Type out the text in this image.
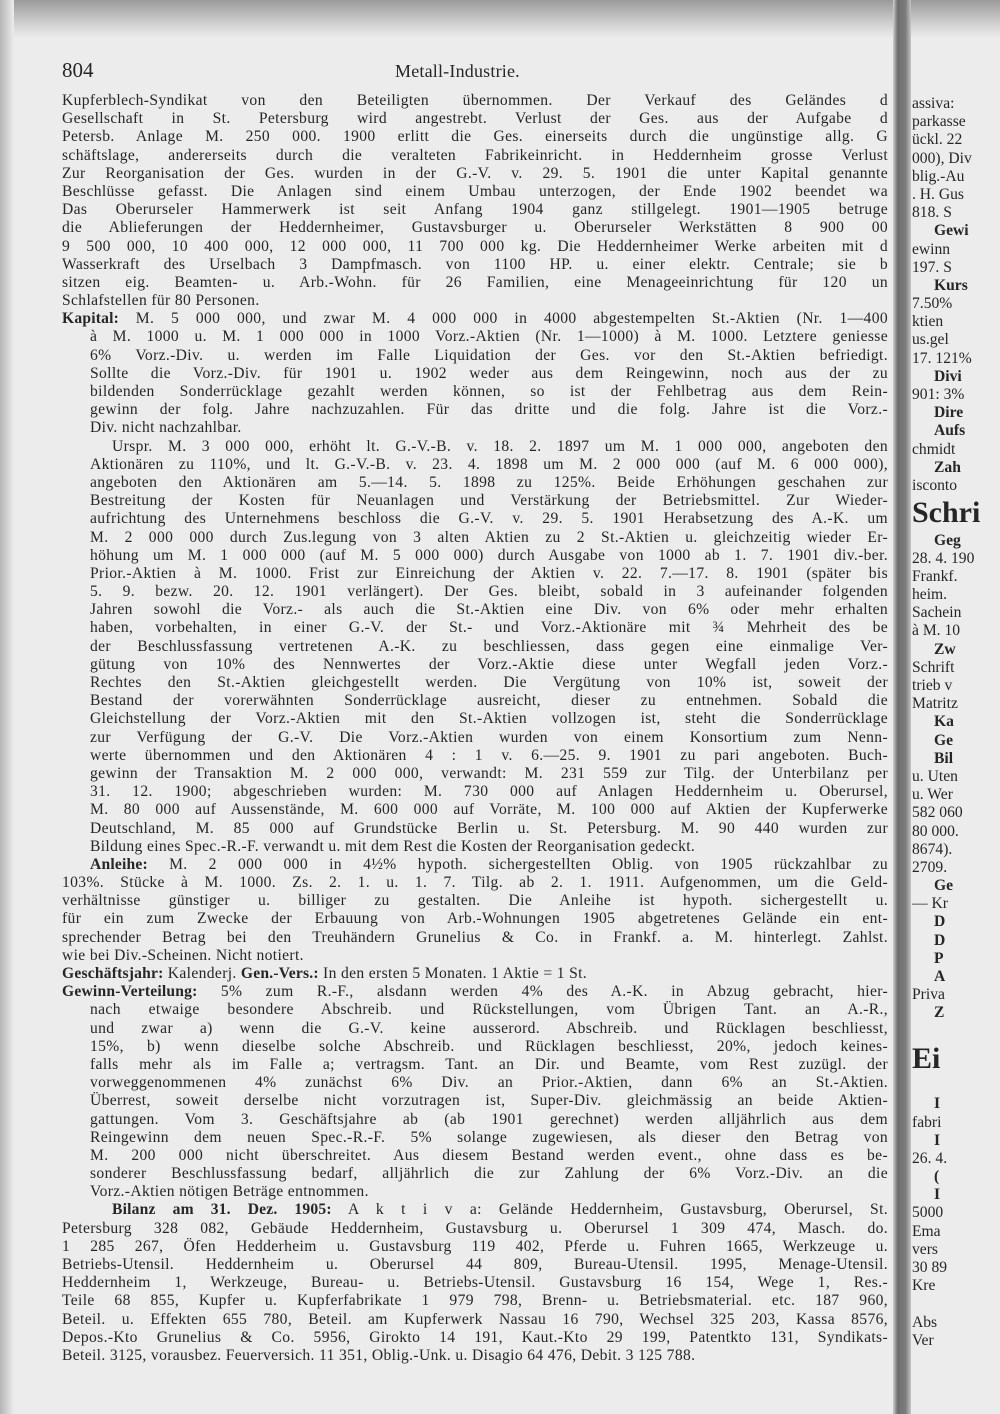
804	Metall-Industrie.
Kupferblech-Syndikat von den Beteiligten übernommen. Der Verkauf des Geländes d
Gesellschaft in St. Petersburg wird angestrebt. Verlust der Ges. aus der Aufgabe d
Petersb. Anlage M. 250 000. 1900 erlitt die Ges. einerseits durch die ungünstige allg. G
schäftslage, andererseits durch die veralteten Fabrikeinricht. in Heddernheim grosse Verlust
Zur Reorganisation der Ges. wurden in der G.-V. v. 29. 5. 1901 die unter Kapital genannte
Beschlüsse gefasst. Die Anlagen sind einem Umbau unterzogen, der Ende 1902 beendet wa
Das Oberurseler Hammerwerk ist seit Anfang 1904 ganz stillgelegt. 1901—1905 betruge
die Ablieferungen der Heddernheimer, Gustavsburger u. Oberurseler Werkstätten 8 900 00
9 500 000, 10 400 000, 12 000 000, 11 700 000 kg. Die Heddernheimer Werke arbeiten mit d
Wasserkraft des Urselbach 3 Dampfmasch. von 1100 HP. u. einer elektr. Centrale; sie b
sitzen eig. Beamten- u. Arb.-Wohn. für 26 Familien, eine Menageeinrichtung für 120 un
Schlafstellen für 80 Personen.
Kapital: M. 5 000 000, und zwar M. 4 000 000 in 4000 abgestempelten St.-Aktien (Nr. 1—400
à M. 1000 u. M. 1 000 000 in 1000 Vorz.-Aktien (Nr. 1—1000) à M. 1000. Letztere geniesse
6% Vorz.-Div. u. werden im Falle Liquidation der Ges. vor den St.-Aktien befriedigt.
Sollte die Vorz.-Div. für 1901 u. 1902 weder aus dem Reingewinn, noch aus der zu
bildenden Sonderrücklage gezahlt werden können, so ist der Fehlbetrag aus dem Rein-
gewinn der folg. Jahre nachzuzahlen. Für das dritte und die folg. Jahre ist die Vorz.-
Div. nicht nachzahlbar.
Urspr. M. 3 000 000, erhöht lt. G.-V.-B. v. 18. 2. 1897 um M. 1 000 000, angeboten den
Aktionären zu 110%, und lt. G.-V.-B. v. 23. 4. 1898 um M. 2 000 000 (auf M. 6 000 000),
angeboten den Aktionären am 5.—14. 5. 1898 zu 125%. Beide Erhöhungen geschahen zur
Bestreitung der Kosten für Neuanlagen und Verstärkung der Betriebsmittel. Zur Wieder-
aufrichtung des Unternehmens beschloss die G.-V. v. 29. 5. 1901 Herabsetzung des A.-K. um
M. 2 000 000 durch Zus.legung von 3 alten Aktien zu 2 St.-Aktien u. gleichzeitig wieder Er-
höhung um M. 1 000 000 (auf M. 5 000 000) durch Ausgabe von 1000 ab 1. 7. 1901 div.-ber.
Prior.-Aktien à M. 1000. Frist zur Einreichung der Aktien v. 22. 7.—17. 8. 1901 (später bis
5. 9. bezw. 20. 12. 1901 verlängert). Der Ges. bleibt, sobald in 3 aufeinander folgenden
Jahren sowohl die Vorz.- als auch die St.-Aktien eine Div. von 6% oder mehr erhalten
haben, vorbehalten, in einer G.-V. der St.- und Vorz.-Aktionäre mit ¾ Mehrheit des be
der Beschlussfassung vertretenen A.-K. zu beschliessen, dass gegen eine einmalige Ver-
gütung von 10% des Nennwertes der Vorz.-Aktie diese unter Wegfall jeden Vorz.-
Rechtes den St.-Aktien gleichgestellt werden. Die Vergütung von 10% ist, soweit der
Bestand der vorerwähnten Sonderrücklage ausreicht, dieser zu entnehmen. Sobald die
Gleichstellung der Vorz.-Aktien mit den St.-Aktien vollzogen ist, steht die Sonderrücklage
zur Verfügung der G.-V. Die Vorz.-Aktien wurden von einem Konsortium zum Nenn-
werte übernommen und den Aktionären 4 : 1 v. 6.—25. 9. 1901 zu pari angeboten. Buch-
gewinn der Transaktion M. 2 000 000, verwandt: M. 231 559 zur Tilg. der Unterbilanz per
31. 12. 1900; abgeschrieben wurden: M. 730 000 auf Anlagen Heddernheim u. Oberursel,
M. 80 000 auf Aussenstände, M. 600 000 auf Vorräte, M. 100 000 auf Aktien der Kupferwerke
Deutschland, M. 85 000 auf Grundstücke Berlin u. St. Petersburg. M. 90 440 wurden zur
Bildung eines Spec.-R.-F. verwandt u. mit dem Rest die Kosten der Reorganisation gedeckt.
Anleihe: M. 2 000 000 in 4½% hypoth. sichergestellten Oblig. von 1905 rückzahlbar zu
103%. Stücke à M. 1000. Zs. 2. 1. u. 1. 7. Tilg. ab 2. 1. 1911. Aufgenommen, um die Geld-
verhältnisse günstiger u. billiger zu gestalten. Die Anleihe ist hypoth. sichergestellt u.
für ein zum Zwecke der Erbauung von Arb.-Wohnungen 1905 abgetretenes Gelände ein ent-
sprechender Betrag bei den Treuhändern Grunelius & Co. in Frankf. a. M. hinterlegt. Zahlst.
wie bei Div.-Scheinen. Nicht notiert.
Geschäftsjahr: Kalenderj. Gen.-Vers.: In den ersten 5 Monaten. 1 Aktie = 1 St.
Gewinn-Verteilung: 5% zum R.-F., alsdann werden 4% des A.-K. in Abzug gebracht, hier-
nach etwaige besondere Abschreib. und Rückstellungen, vom Übrigen Tant. an A.-R.,
und zwar a) wenn die G.-V. keine ausserord. Abschreib. und Rücklagen beschliesst,
15%, b) wenn dieselbe solche Abschreib. und Rücklagen beschliesst, 20%, jedoch keines-
falls mehr als im Falle a; vertragsm. Tant. an Dir. und Beamte, vom Rest zuzügl. der
vorweggenommenen 4% zunächst 6% Div. an Prior.-Aktien, dann 6% an St.-Aktien.
Überrest, soweit derselbe nicht vorzutragen ist, Super-Div. gleichmässig an beide Aktien-
gattungen. Vom 3. Geschäftsjahre ab (ab 1901 gerechnet) werden alljährlich aus dem
Reingewinn dem neuen Spec.-R.-F. 5% solange zugewiesen, als dieser den Betrag von
M. 200 000 nicht überschreitet. Aus diesem Bestand werden event., ohne dass es be-
sonderer Beschlussfassung bedarf, alljährlich die zur Zahlung der 6% Vorz.-Div. an die
Vorz.-Aktien nötigen Beträge entnommen.
Bilanz am 31. Dez. 1905: A k t i v a: Gelände Heddernheim, Gustavsburg, Oberursel, St.
Petersburg 328 082, Gebäude Heddernheim, Gustavsburg u. Oberursel 1 309 474, Masch. do.
1 285 267, Öfen Hedderheim u. Gustavsburg 119 402, Pferde u. Fuhren 1665, Werkzeuge u.
Betriebs-Utensil. Heddernheim u. Oberursel 44 809, Bureau-Utensil. 1995, Menage-Utensil.
Heddernheim 1, Werkzeuge, Bureau- u. Betriebs-Utensil. Gustavsburg 16 154, Wege 1, Res.-
Teile 68 855, Kupfer u. Kupferfabrikate 1 979 798, Brenn- u. Betriebsmaterial. etc. 187 960,
Beteil. u. Effekten 655 780, Beteil. am Kupferwerk Nassau 16 790, Wechsel 325 203, Kassa 8576,
Depos.-Kto Grunelius & Co. 5956, Girokto 14 191, Kaut.-Kto 29 199, Patentkto 131, Syndikats-
Beteil. 3125, vorausbez. Feuerversich. 11 351, Oblig.-Unk. u. Disagio 64 476, Debit. 3 125 788.
assiva:
parkasse
ückl. 22
000), Div
blig.-Au
. H. Gus
818. S
Gewi
ewinn
197. S
Kurs
7.50%
ktien
us.gel
17. 121%
Divi
901: 3%
Dire
Aufs
chmidt
Zah
isconto
Schri
Geg
28. 4. 190
Frankf.
heim.
Sachein
à M. 10
Zw
Schrift
trieb v
Matritz
Ka
Ge
Bil
u. Uten
u. Wer
582 060
80 000.
8674).
2709.
Ge
— Kr
D
D
P
A
Priva
Z
Ei
I
fabri
I
26. 4.
(
I
5000
Ema
vers
30 89
Kre
Abs
Ver
